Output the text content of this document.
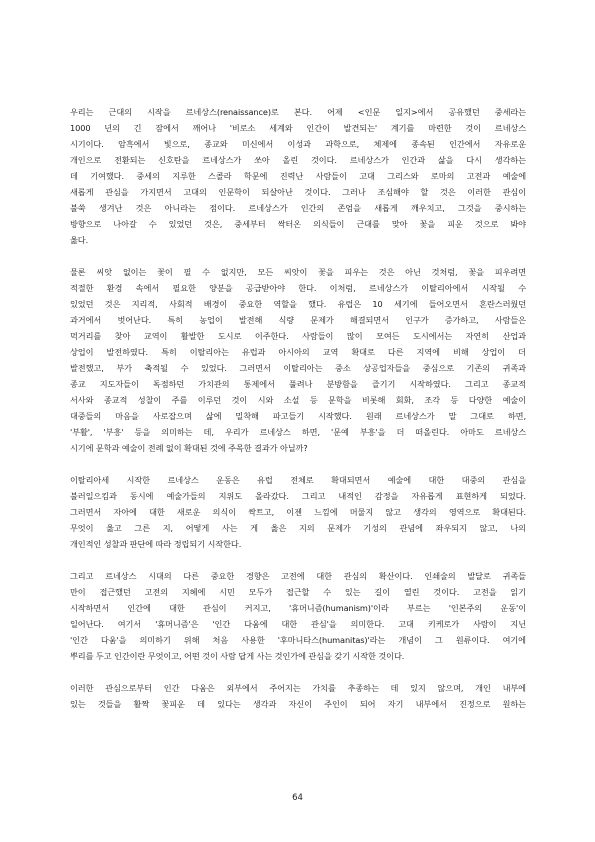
우리는 근대의 시작을 르네상스(renaissance)로 본다. 어제 <인문 일지>에서 공유했던 중세라는
1000 년의 긴 잠에서 깨어나 '비로소 세계와 인간이 발견되는' 계기를 마련한 것이 르네상스
시기이다. 암흑에서 빛으로, 종교와 미신에서 이성과 과학으로, 체제에 종속된 인간에서 자유로운
개인으로 전환되는 신호탄을 르네상스가 쏘아 올린 것이다. 르네상스가 인간과 삶을 다시 생각하는
데 기여했다. 중세의 지루한 스콜라 학문에 진력난 사람들이 고대 그리스와 로마의 고전과 예술에
새롭게 관심을 가지면서 고대의 인문학이 되살아난 것이다. 그러나 조심해야 할 것은 이러한 관심이
불쑥 생겨난 것은 아니라는 점이다. 르네상스가 인간의 존엄을 새롭게 깨우치고, 그것을 중시하는
방향으로 나아갈 수 있었던 것은, 중세부터 싹터온 의식들이 근대를 맞아 꽃을 피운 것으로 봐야
옳다.

물론 씨앗 없이는 꽃이 필 수 없지만, 모든 씨앗이 꽃을 피우는 것은 아닌 것처럼, 꽃을 피우려면
적절한 환경 속에서 필요한 양분을 공급받아야 한다. 이처럼, 르네상스가 이탈리아에서 시작될 수
있었던 것은 지리적, 사회적 배경이 중요한 역할을 했다. 유럽은 10 세기에 들어오면서 혼란스러웠던
과거에서 벗어난다. 특히 농업이 발전해 식량 문제가 해결되면서 인구가 증가하고, 사람들은
먹거리를 찾아 교역이 활발한 도시로 이주한다. 사람들이 많이 모여든 도시에서는 자연히 산업과
상업이 발전하였다. 특히 이탈리아는 유럽과 아시아의 교역 확대로 다른 지역에 비해 상업이 더
발전했고, 부가 축적될 수 있었다. 그러면서 이탈리아는 중소 상공업자들을 중심으로 기존의 귀족과
종교 지도자들이 독점하던 가치관의 통제에서 풀려나 분방함을 즐기기 시작하였다. 그리고 종교적
서사와 종교적 성찰이 주를 이루던 것이 시와 소설 등 문학을 비롯해 회화, 조각 등 다양한 예술이
대중들의 마음을 사로잡으며 삶에 밀착해 파고들기 시작했다. 원래 르네상스가 말 그대로 하면,
'부활', '부흥' 등을 의미하는 데, 우리가 르네상스 하면, '문예 부흥'을 더 떠올린다. 아마도 르네상스
시기에 문학과 예술이 전례 없이 확대된 것에 주목한 결과가 아닐까?

이탈리아세 시작한 르네상스 운동은 유럽 전체로 확대되면서 예술에 대한 대중의 관심을
불러일으킴과 동시에 예술가들의 지위도 올라갔다. 그리고 내적인 감정을 자유롭게 표현하게 되었다.
그러면서 자아에 대한 새로운 의식이 싹트고, 이젠 느낌에 머물지 않고 생각의 영역으로 확대된다.
무엇이 옳고 그른 지, 어떻게 사는 게 옳은 지의 문제가 기성의 관념에 좌우되지 않고, 나의
개인적인 성찰과 판단에 따라 정립되기 시작한다.

그리고 르네상스 시대의 다른 중요한 경향은 고전에 대한 관심의 확산이다. 인쇄술의 발달로 귀족들
만이 접근했던 고전의 지혜에 시민 모두가 접근할 수 있는 길이 열린 것이다. 고전을 읽기
시작하면서 인간에 대한 관심이 커지고, '휴머니즘(humanism)'이라 부르는 '인본주의 운동'이
일어난다. 여기서 '휴머니즘'은 '인간 다움에 대한 관심'을 의미한다. 고대 키케로가 사람이 지닌
'인간 다움'을 의미하기 위해 처음 사용한 '후마니타스(humanitas)'라는 개념이 그 원류이다. 여기에
뿌리를 두고 인간이란 무엇이고, 어떤 것이 사람 답게 사는 것인가에 관심을 갖기 시작한 것이다.

이러한 관심으로부터 인간 다움은 외부에서 주어지는 가치를 추종하는 데 있지 않으며, 개인 내부에
있는 것들을 활짝 꽃피운 데 있다는 생각과 자신이 주인이 되어 자기 내부에서 진정으로 원하는

64
